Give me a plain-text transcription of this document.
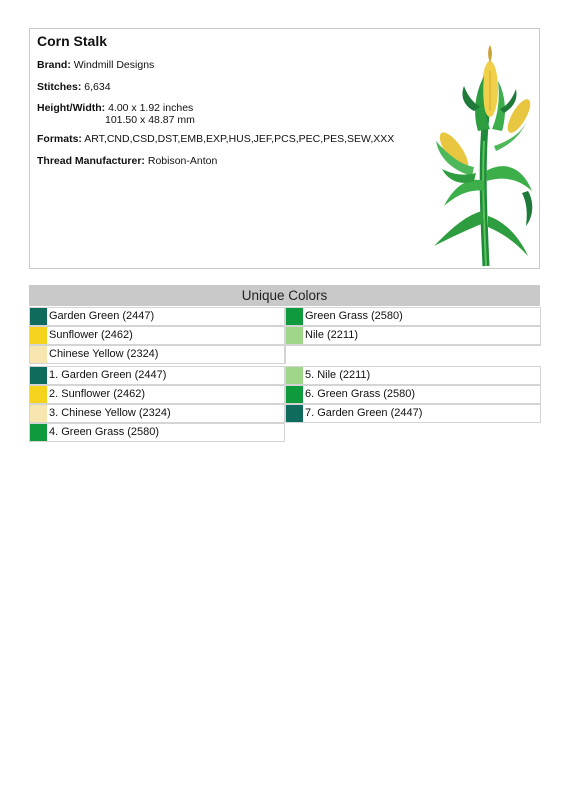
Corn Stalk
Brand: Windmill Designs
Stitches: 6,634
Height/Width: 4.00 x 1.92 inches
101.50 x 48.87 mm
Formats: ART,CND,CSD,DST,EMB,EXP,HUS,JEF,PCS,PEC,PES,SEW,XXX
Thread Manufacturer: Robison-Anton
Unique Colors
Garden Green (2447)	Green Grass (2580)
Sunflower (2462)	Nile (2211)
Chinese Yellow (2324)
1. Garden Green (2447)	5. Nile (2211)
2. Sunflower (2462)	6. Green Grass (2580)
3. Chinese Yellow (2324)	7. Garden Green (2447)
4. Green Grass (2580)
